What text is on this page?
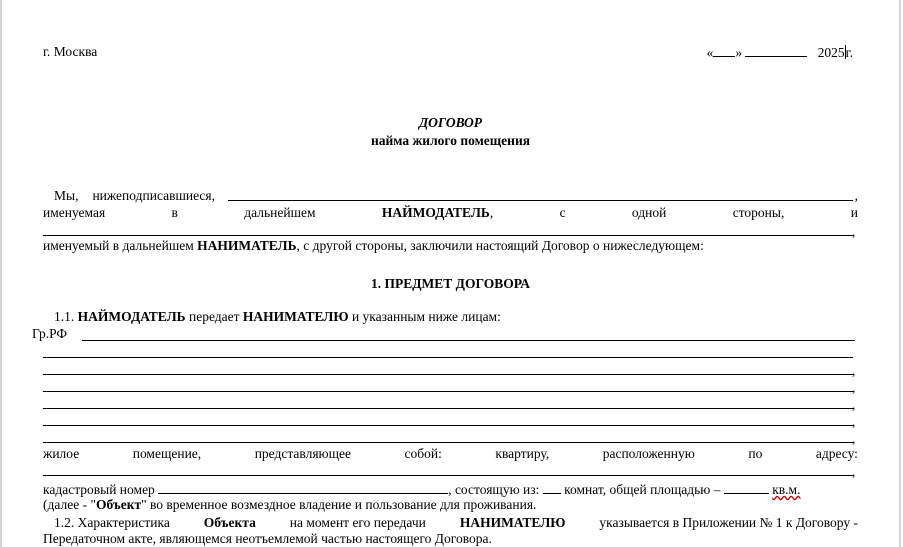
г. Москва	« »	2025г.
ДОГОВОР
найма жилого помещения
Мы, нижеподписавшиеся,	,
именуемая	в	дальнейшем	НАЙМОДАТЕЛЬ,	с	одной	стороны,	и
,
именуемый в дальнейшем НАНИМАТЕЛЬ, с другой стороны, заключили настоящий Договор о нижеследующем:
1. ПРЕДМЕТ ДОГОВОРА
1.1. НАЙМОДАТЕЛЬ передает НАНИМАТЕЛЮ и указанным ниже лицам:
Гр.РФ
,
,
,
,
,
жилое	помещение,	представляющее	собой:	квартиру,	расположенную	по	адресу:
,
кадастровый номер	, состоящую из:  комнат, общей площадью –	кв.м.
(далее - "Объект" во временное возмездное владение и пользование для проживания.
1.2. Характеристика Объекта на момент его передачи НАНИМАТЕЛЮ указывается в Приложении № 1 к Договору -
Передаточном акте, являющемся неотъемлемой частью настоящего Договора.
